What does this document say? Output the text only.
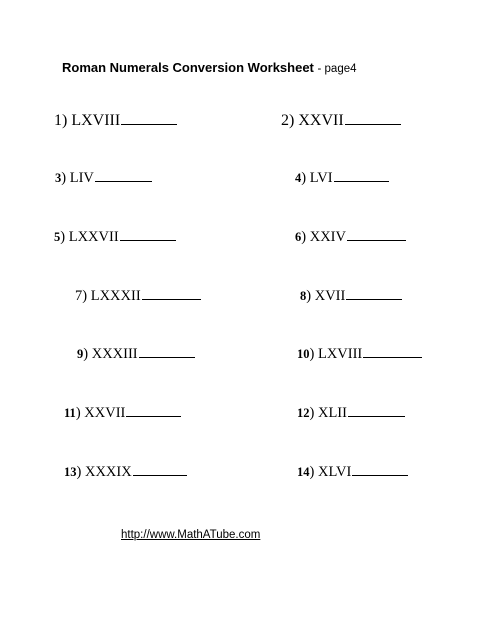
Roman Numerals Conversion Worksheet - page4
1) LXVIII	2) XXVII
3) LIV	4) LVI
5) LXXVII	6) XXIV
7) LXXXII	8) XVII
9) XXXIII	10) LXVIII
11) XXVII	12) XLII
13) XXXIX	14) XLVI
http://www.MathATube.com
